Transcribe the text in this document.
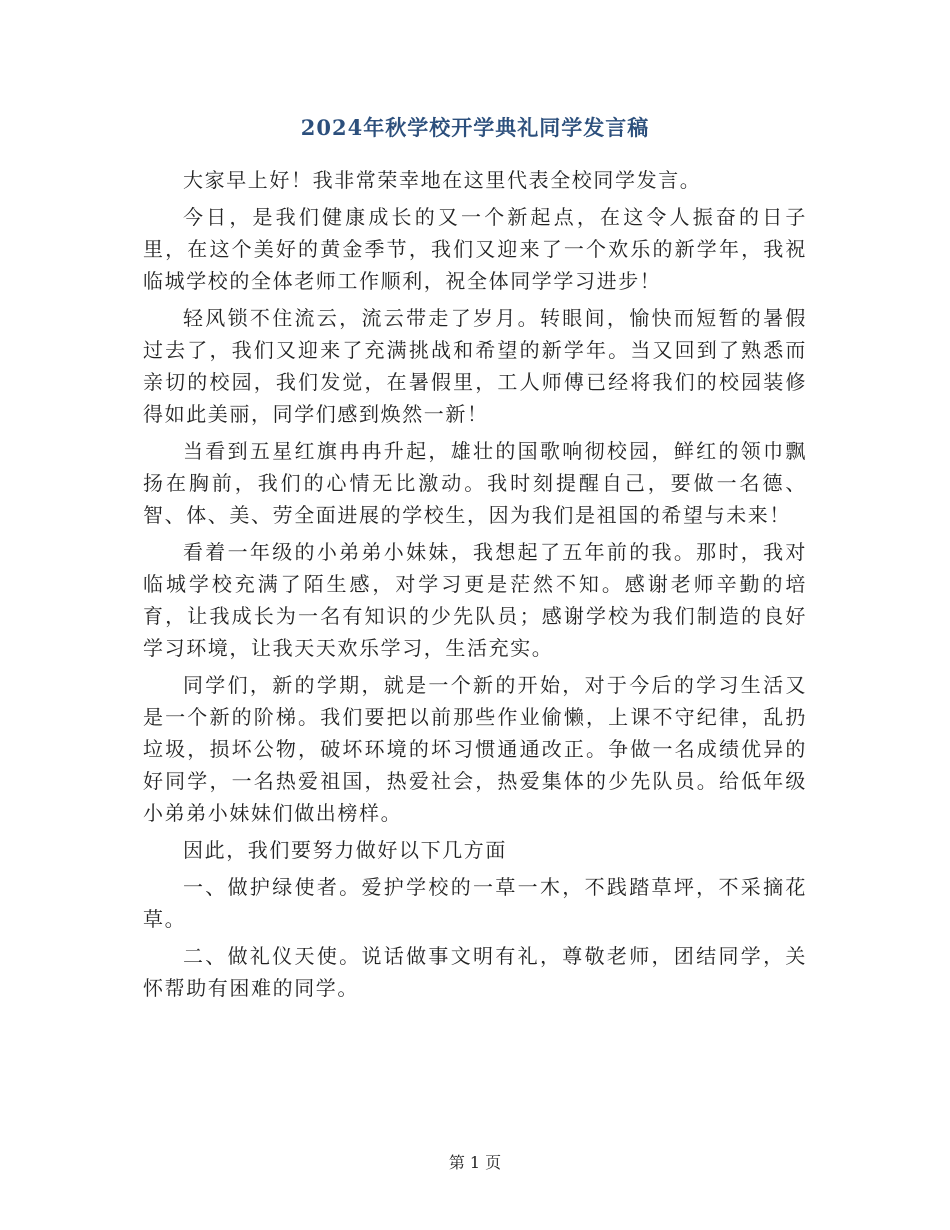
2024年秋学校开学典礼同学发言稿

大家早上好！我非常荣幸地在这里代表全校同学发言。

今日，是我们健康成长的又一个新起点，在这令人振奋的日子里，在这个美好的黄金季节，我们又迎来了一个欢乐的新学年，我祝临城学校的全体老师工作顺利，祝全体同学学习进步！

轻风锁不住流云，流云带走了岁月。转眼间，愉快而短暂的暑假过去了，我们又迎来了充满挑战和希望的新学年。当又回到了熟悉而亲切的校园，我们发觉，在暑假里，工人师傅已经将我们的校园装修得如此美丽，同学们感到焕然一新！

当看到五星红旗冉冉升起，雄壮的国歌响彻校园，鲜红的领巾飘扬在胸前，我们的心情无比激动。我时刻提醒自己，要做一名德、智、体、美、劳全面进展的学校生，因为我们是祖国的希望与未来！

看着一年级的小弟弟小妹妹，我想起了五年前的我。那时，我对临城学校充满了陌生感，对学习更是茫然不知。感谢老师辛勤的培育，让我成长为一名有知识的少先队员；感谢学校为我们制造的良好学习环境，让我天天欢乐学习，生活充实。

同学们，新的学期，就是一个新的开始，对于今后的学习生活又是一个新的阶梯。我们要把以前那些作业偷懒，上课不守纪律，乱扔垃圾，损坏公物，破坏环境的坏习惯通通改正。争做一名成绩优异的好同学，一名热爱祖国，热爱社会，热爱集体的少先队员。给低年级小弟弟小妹妹们做出榜样。

因此，我们要努力做好以下几方面

一、做护绿使者。爱护学校的一草一木，不践踏草坪，不采摘花草。

二、做礼仪天使。说话做事文明有礼，尊敬老师，团结同学，关怀帮助有困难的同学。

第 1 页
